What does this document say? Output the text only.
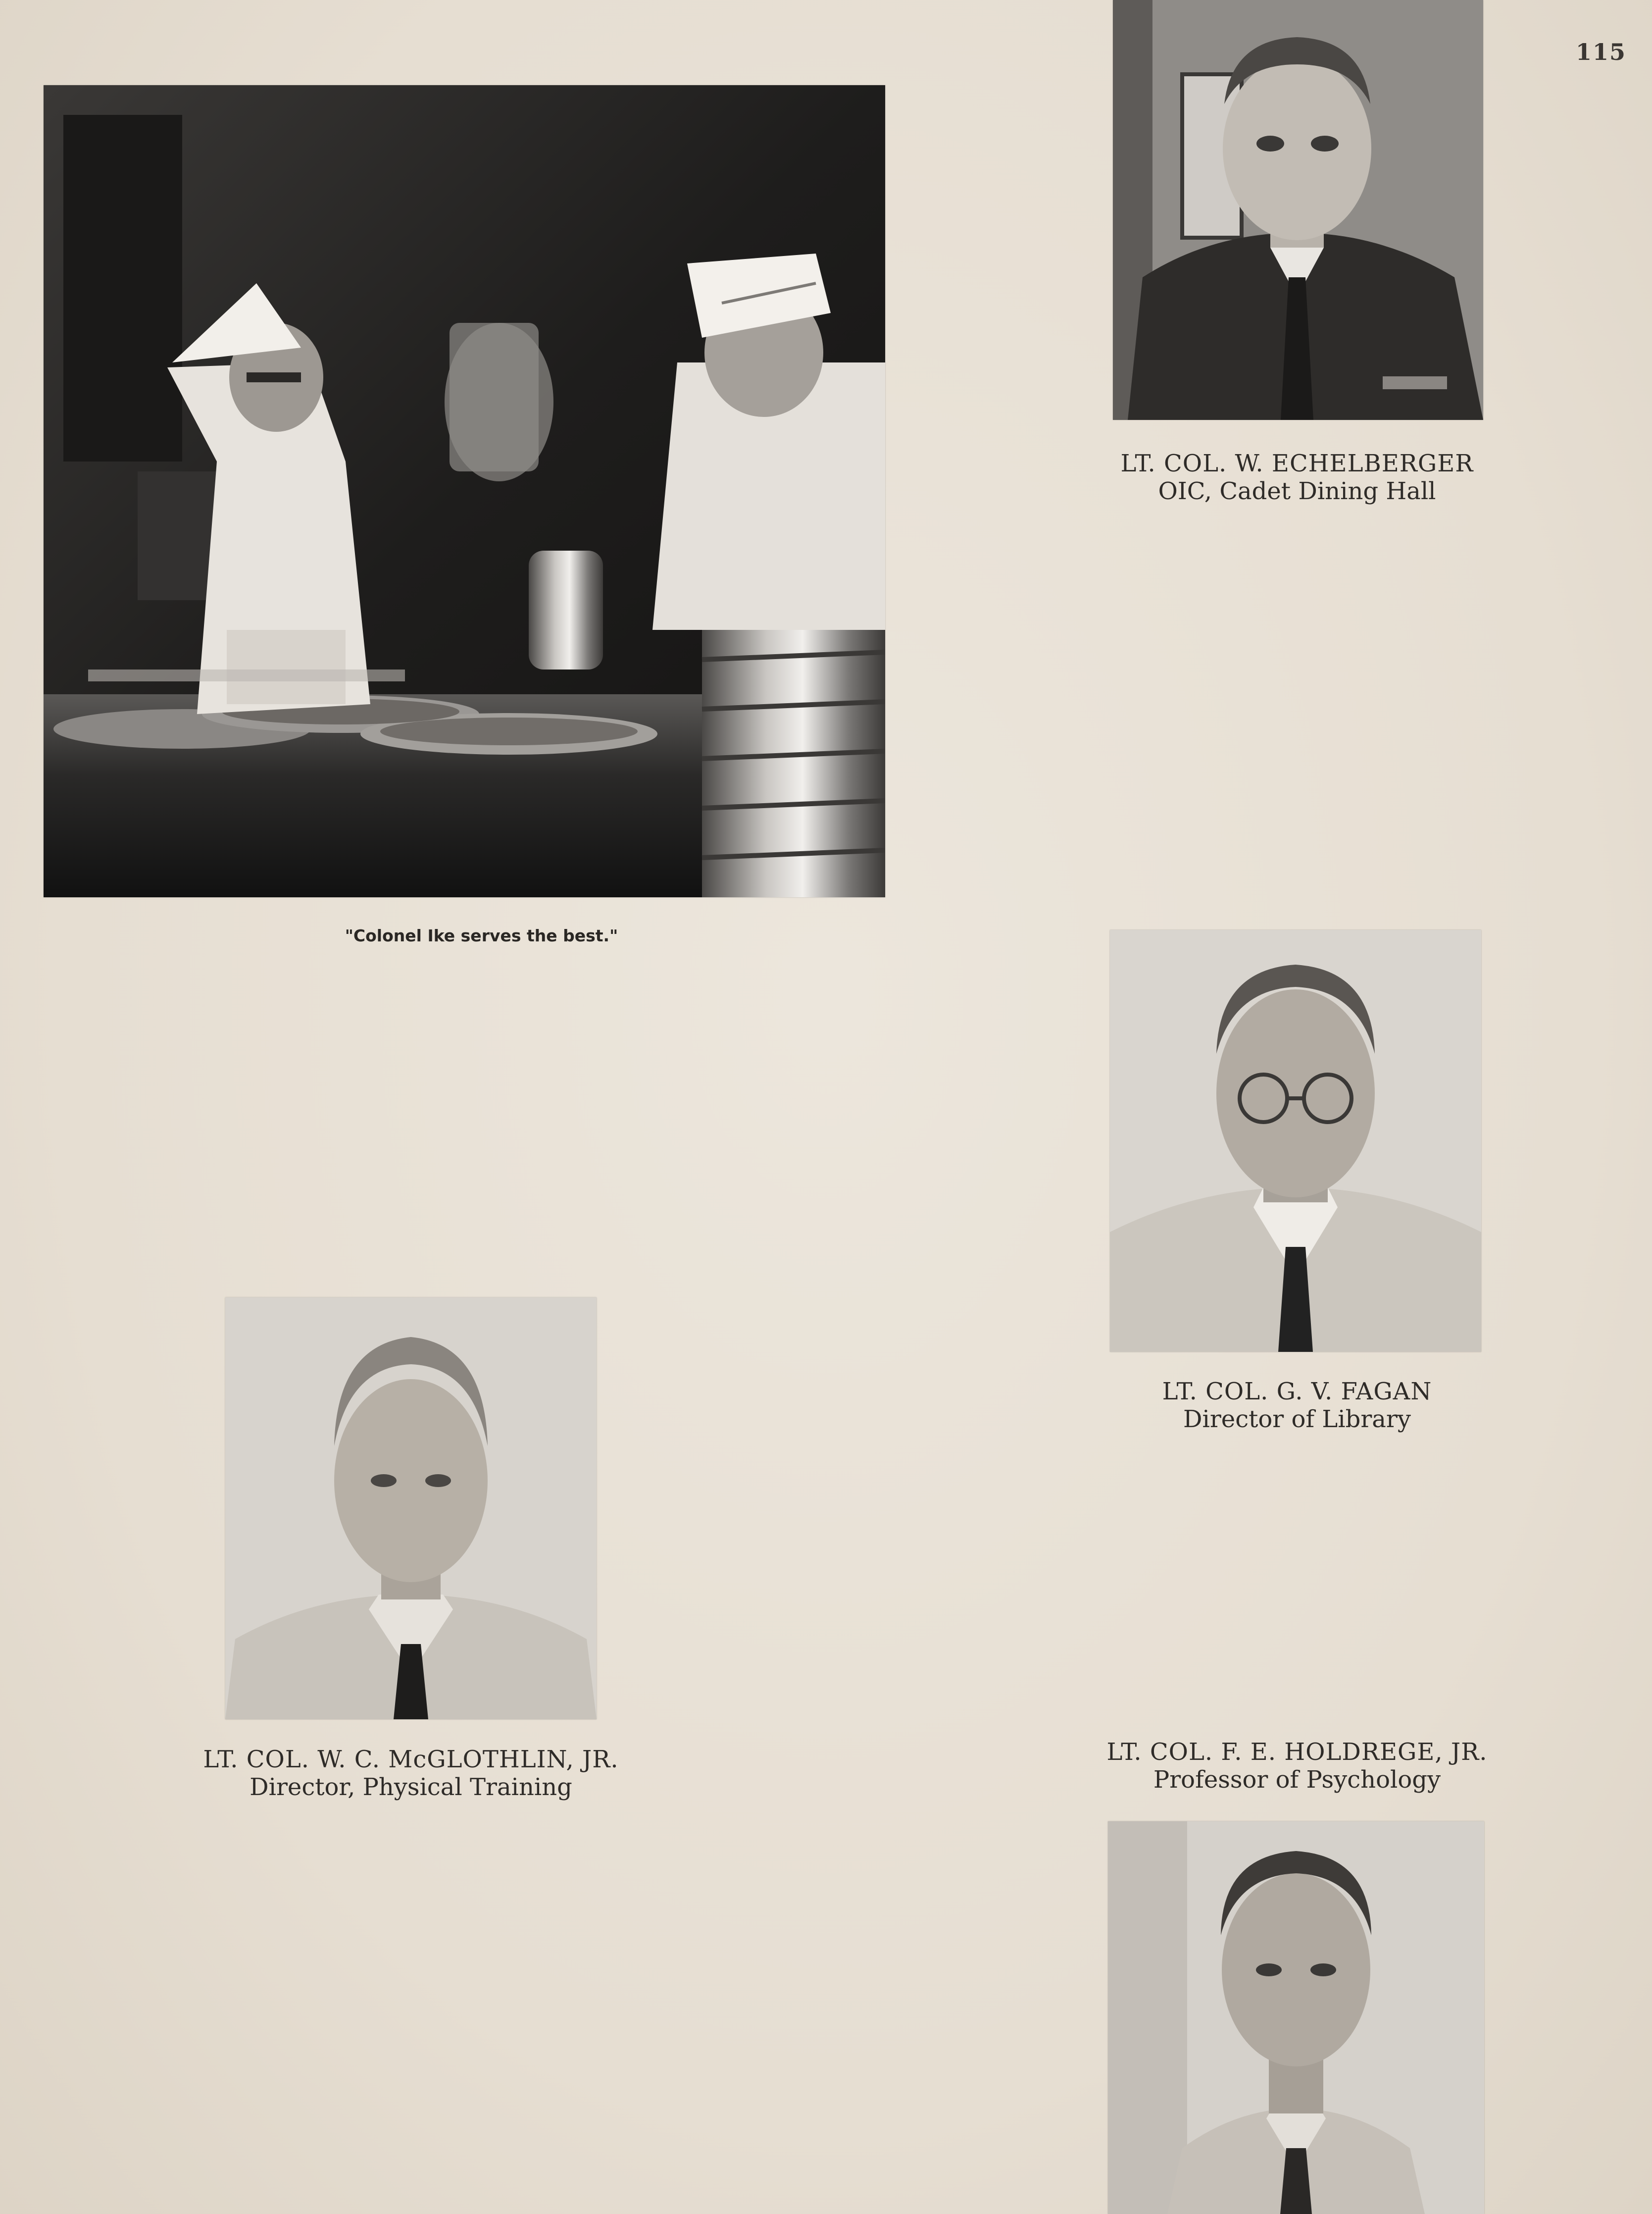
115
"Colonel Ike serves the best."
LT. COL. W. ECHELBERGER
OIC, Cadet Dining Hall
LT. COL. G. V. FAGAN
Director of Library
LT. COL. W. C. McGLOTHLIN, JR.
Director, Physical Training
LT. COL. F. E. HOLDREGE, JR.
Professor of Psychology
